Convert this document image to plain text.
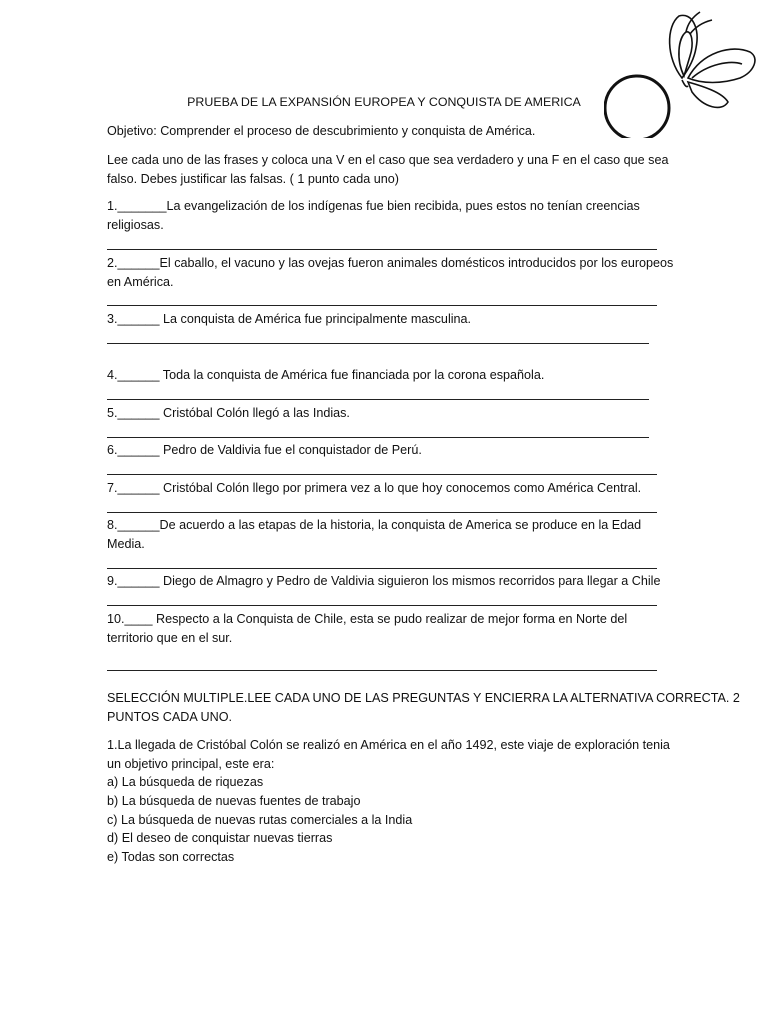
PRUEBA DE LA EXPANSIÓN EUROPEA Y CONQUISTA DE AMERICA
Objetivo: Comprender el proceso de descubrimiento y conquista de América.
Lee cada uno de las frases y coloca una V en el caso que sea verdadero y una F en el caso que sea
falso. Debes justificar las falsas. ( 1 punto cada uno)
1._______La evangelización de los indígenas fue bien recibida, pues estos no tenían creencias
religiosas.
2.______El caballo, el vacuno y las ovejas fueron animales domésticos introducidos por los europeos
en América.
3.______ La conquista de América fue principalmente masculina.
4.______ Toda la conquista de América fue financiada por la corona española.
5.______ Cristóbal Colón llegó a las Indias.
6.______ Pedro de Valdivia fue el conquistador de Perú.
7.______ Cristóbal Colón llego por primera vez a lo que hoy conocemos como América Central.
8.______De acuerdo a las etapas de la historia, la conquista de America se produce en la Edad
Media.
9.______ Diego de Almagro y Pedro de Valdivia siguieron los mismos recorridos para llegar a Chile
10.____ Respecto a la Conquista de Chile, esta se pudo realizar de mejor forma en Norte del
territorio que en el sur.
SELECCIÓN MULTIPLE.LEE CADA UNO DE LAS PREGUNTAS Y ENCIERRA LA ALTERNATIVA CORRECTA. 2
PUNTOS CADA UNO.
1.La llegada de Cristóbal Colón se realizó en América en el año 1492, este viaje de exploración tenia
un objetivo principal, este era:
a) La búsqueda de riquezas
b) La búsqueda de nuevas fuentes de trabajo
c) La búsqueda de nuevas rutas comerciales a la India
d) El deseo de conquistar nuevas tierras
e) Todas son correctas
